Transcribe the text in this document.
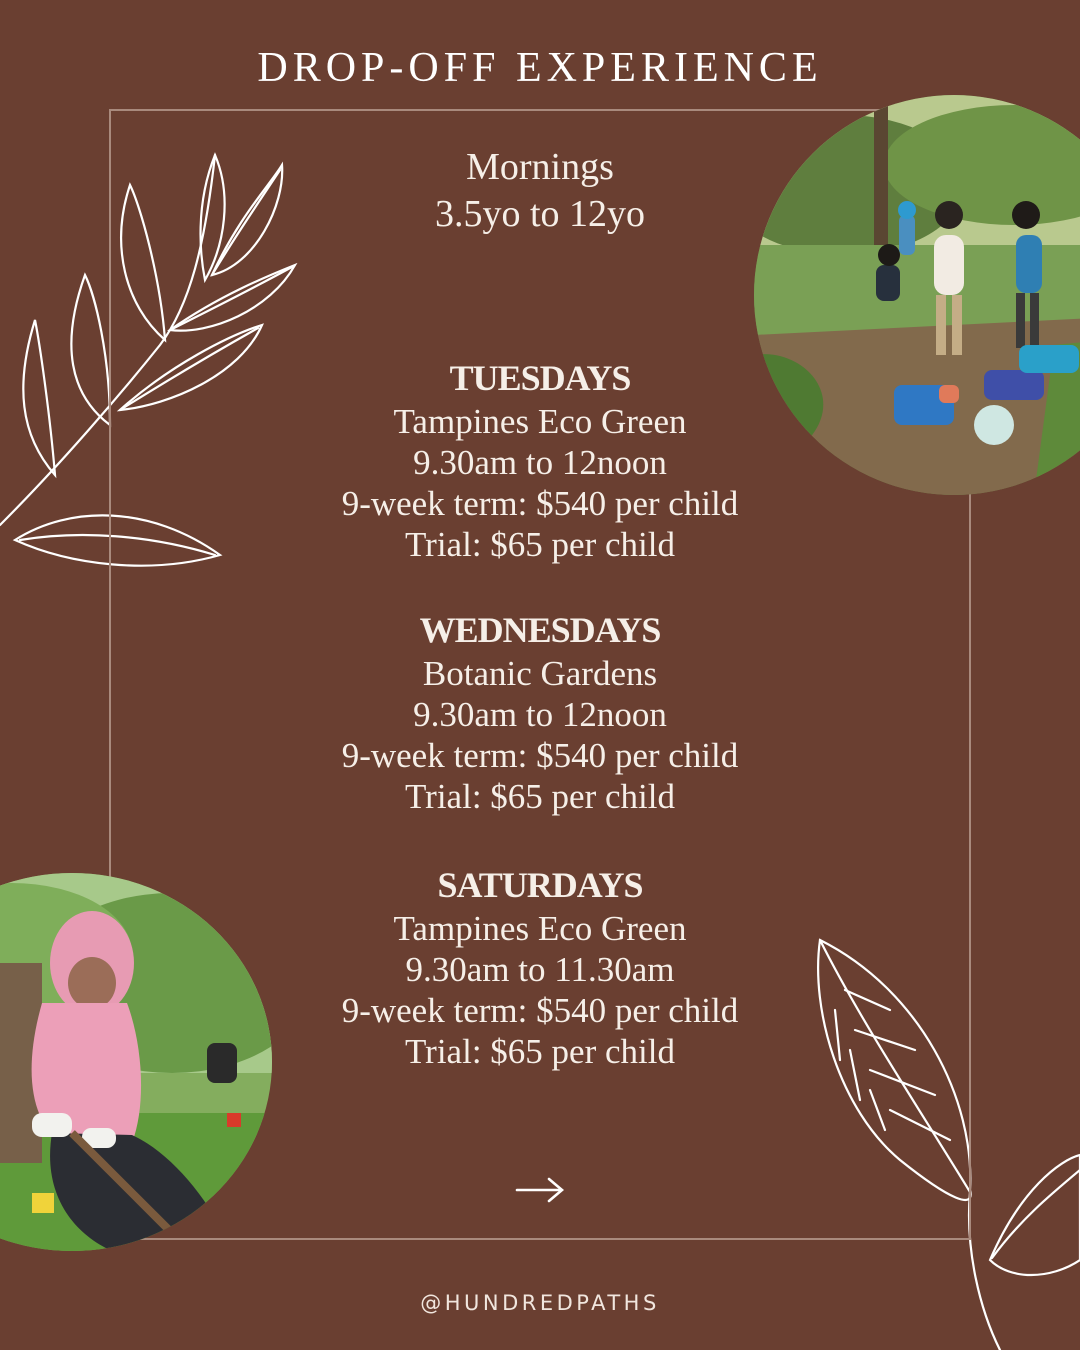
DROP-OFF EXPERIENCE
Mornings
3.5yo to 12yo
TUESDAYS
Tampines Eco Green
9.30am to 12noon
9-week term: $540 per child
Trial: $65 per child
WEDNESDAYS
Botanic Gardens
9.30am to 12noon
9-week term: $540 per child
Trial: $65 per child
SATURDAYS
Tampines Eco Green
9.30am to 11.30am
9-week term: $540 per child
Trial: $65 per child
@HUNDREDPATHS
